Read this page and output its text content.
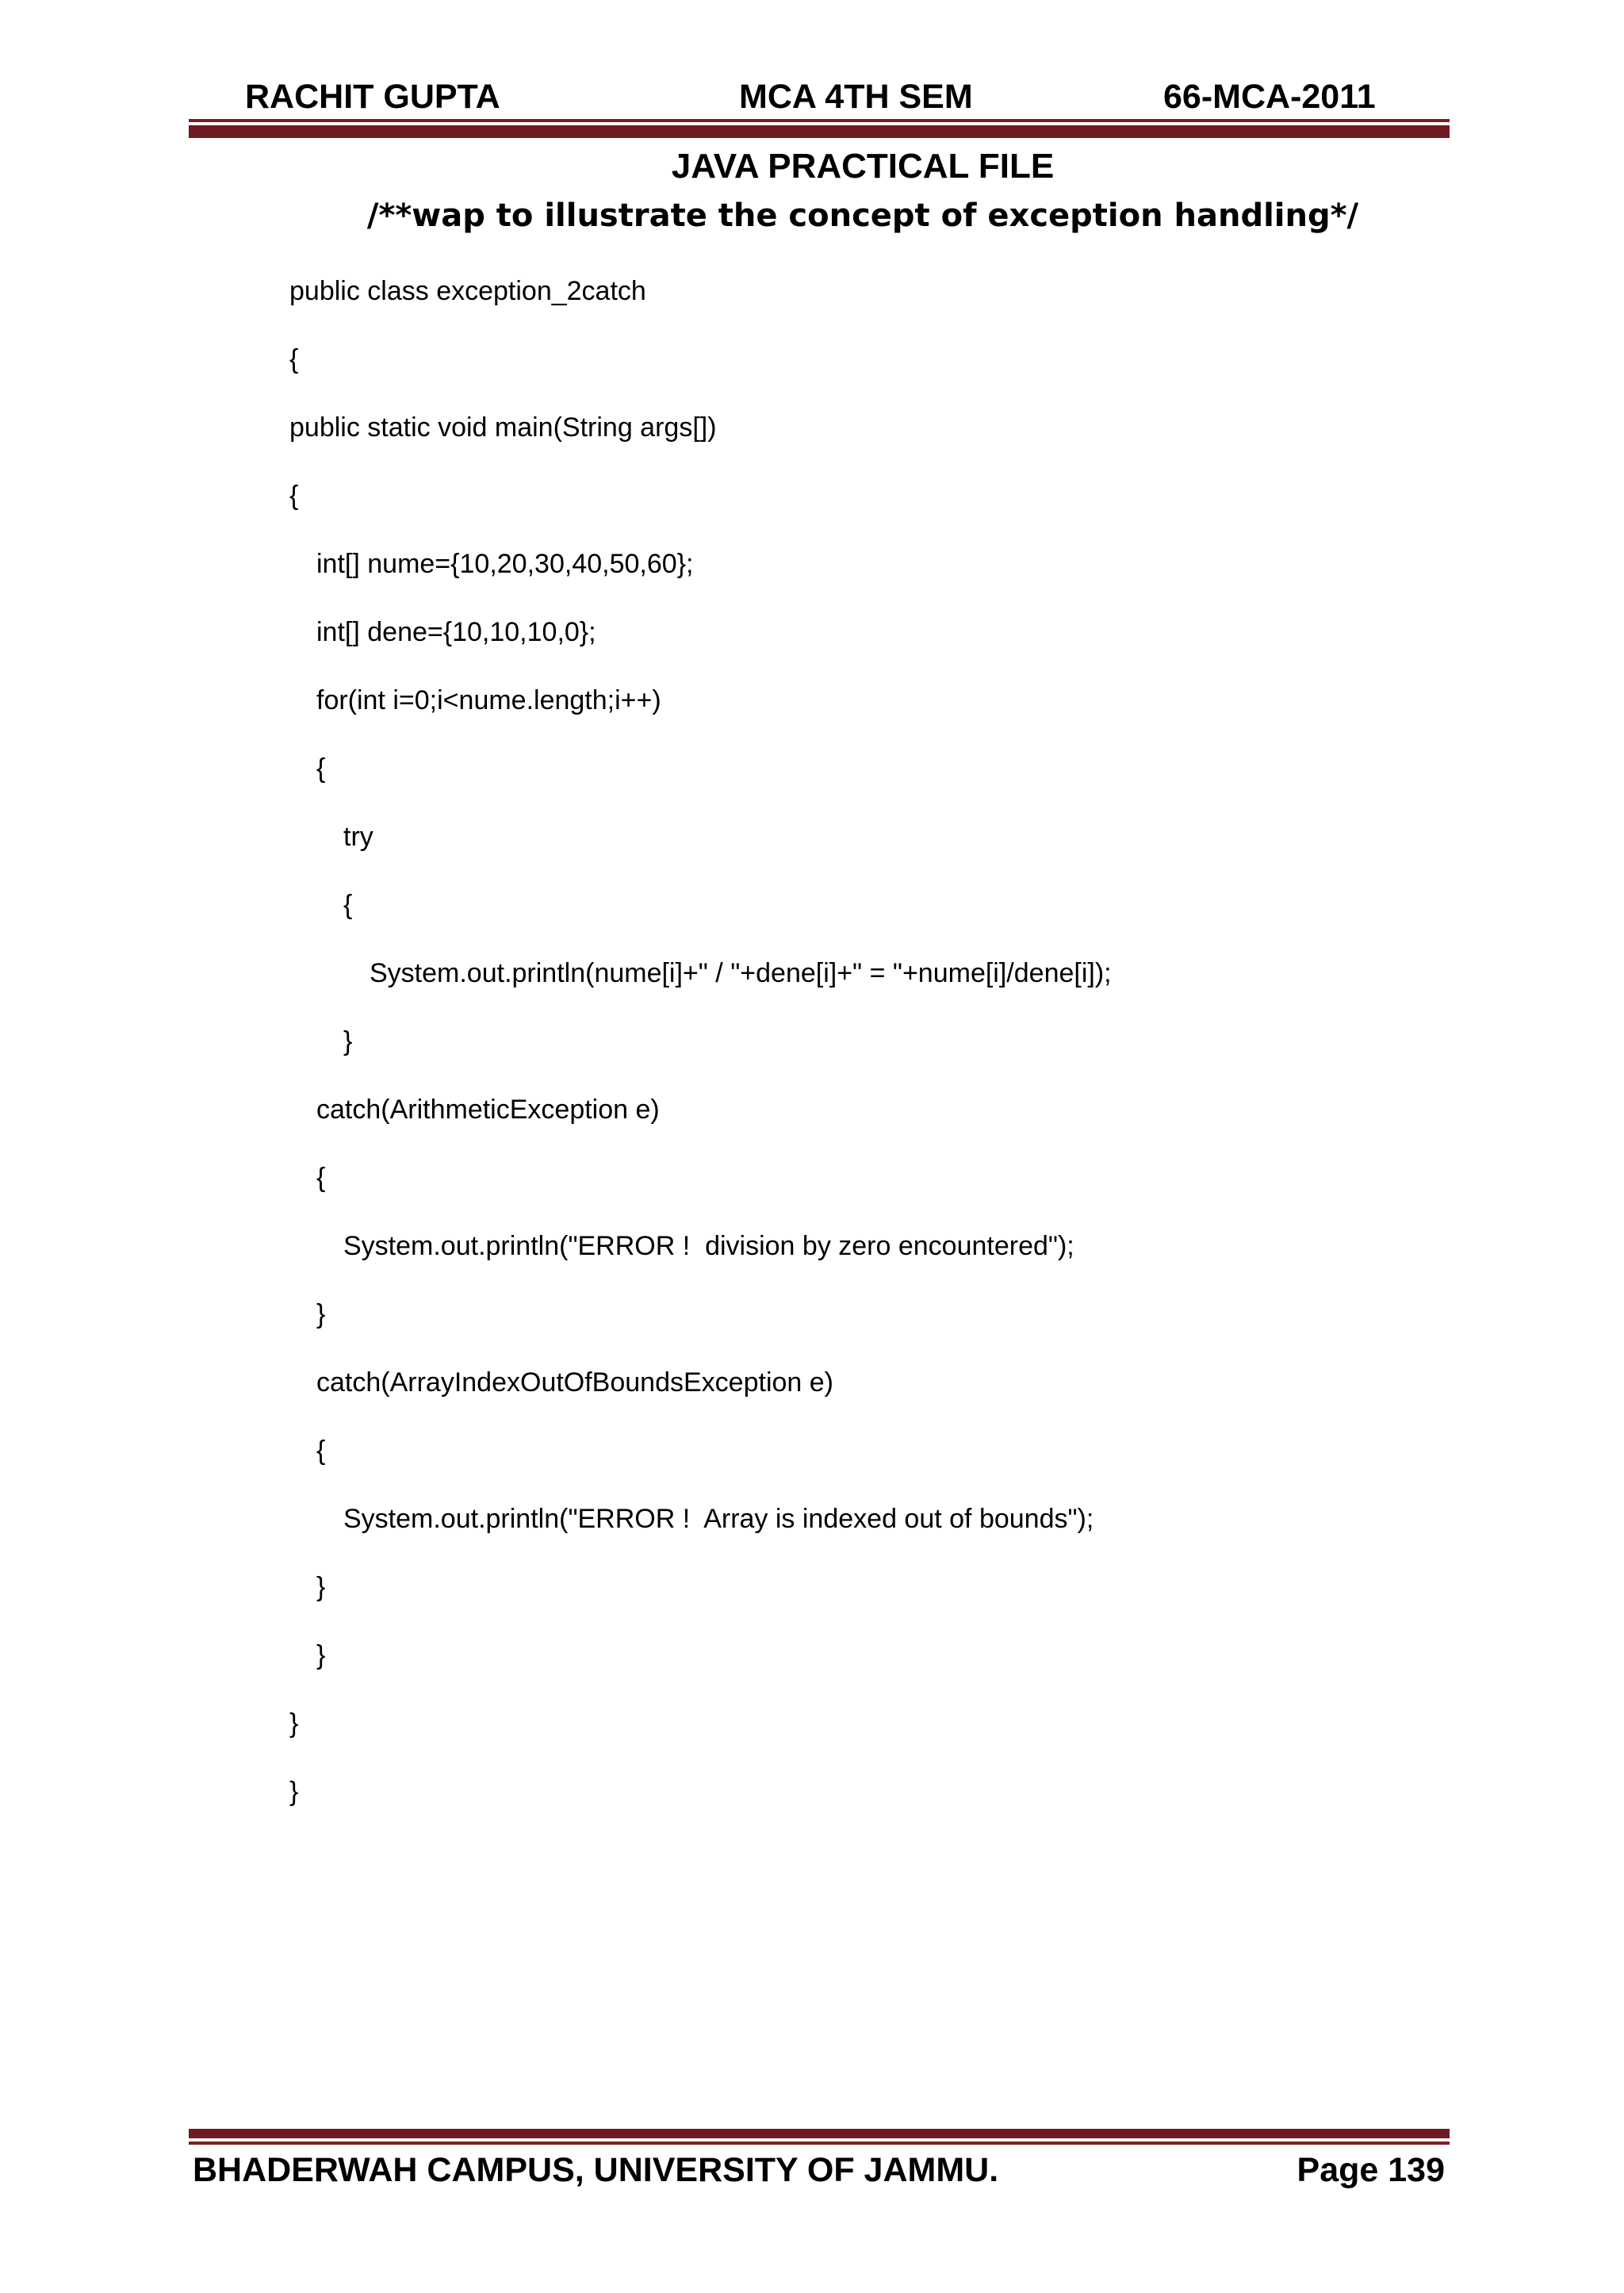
RACHIT GUPTA	MCA 4TH SEM	66-MCA-2011
JAVA PRACTICAL FILE
/**wap to illustrate the concept of exception handling*/
public class exception_2catch
{
public static void main(String args[])
{
int[] nume={10,20,30,40,50,60};
int[] dene={10,10,10,0};
for(int i=0;i<nume.length;i++)
{
try
{
System.out.println(nume[i]+" / "+dene[i]+" = "+nume[i]/dene[i]);
}
catch(ArithmeticException e)
{
System.out.println("ERROR !  division by zero encountered");
}
catch(ArrayIndexOutOfBoundsException e)
{
System.out.println("ERROR !  Array is indexed out of bounds");
}
}
}
}
BHADERWAH CAMPUS, UNIVERSITY OF JAMMU.	Page 139
